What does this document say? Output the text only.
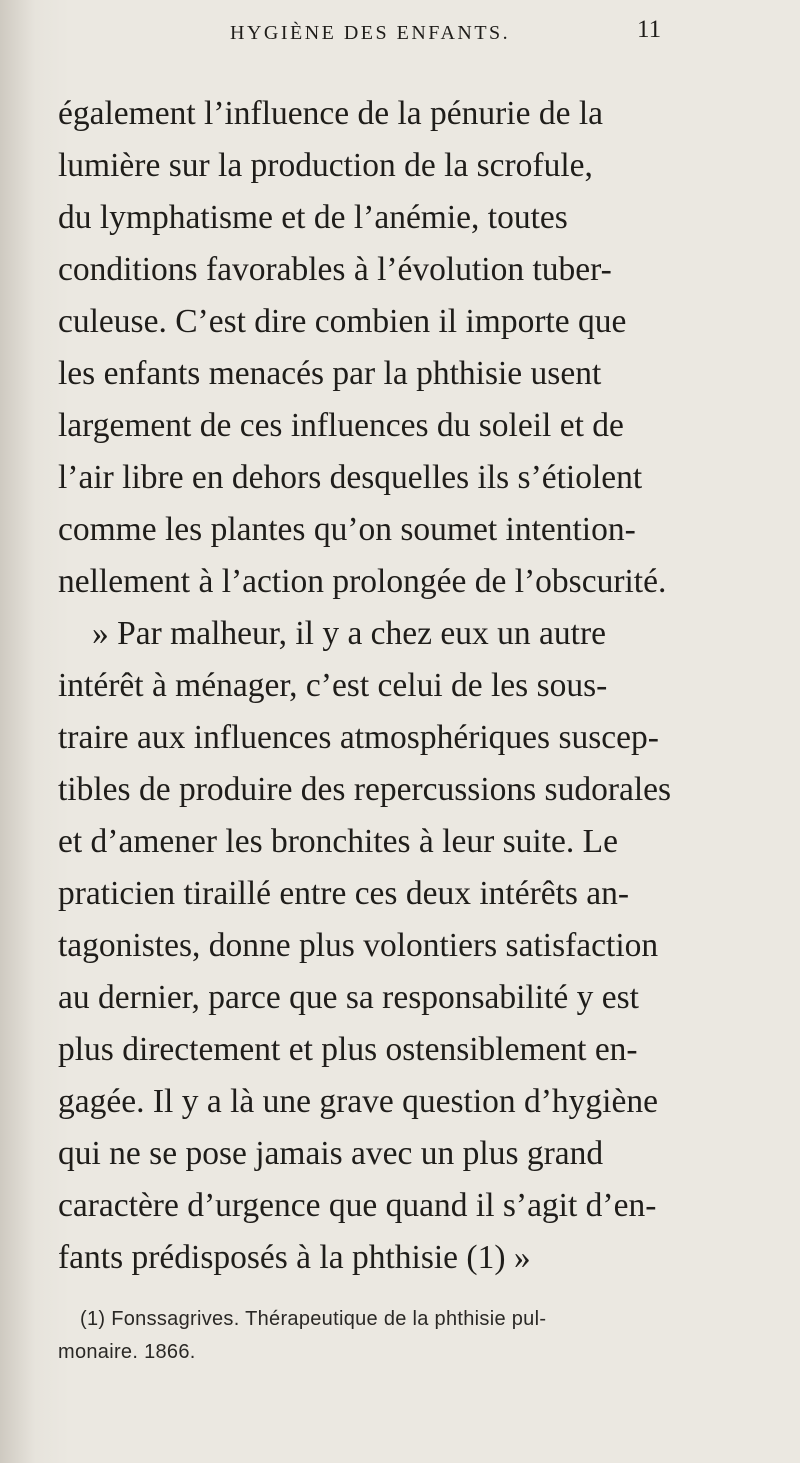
HYGIÈNE DES ENFANTS.	11
également l’influence de la pénurie de la
lumière sur la production de la scrofule,
du lymphatisme et de l’anémie, toutes
conditions favorables à l’évolution tuber-
culeuse. C’est dire combien il importe que
les enfants menacés par la phthisie usent
largement de ces influences du soleil et de
l’air libre en dehors desquelles ils s’étiolent
comme les plantes qu’on soumet intention-
nellement à l’action prolongée de l’obscurité.
» Par malheur, il y a chez eux un autre
intérêt à ménager, c’est celui de les sous-
traire aux influences atmosphériques suscep-
tibles de produire des repercussions sudorales
et d’amener les bronchites à leur suite. Le
praticien tiraillé entre ces deux intérêts an-
tagonistes, donne plus volontiers satisfaction
au dernier, parce que sa responsabilité y est
plus directement et plus ostensiblement en-
gagée. Il y a là une grave question d’hygiène
qui ne se pose jamais avec un plus grand
caractère d’urgence que quand il s’agit d’en-
fants prédisposés à la phthisie (1) »
(1) Fonssagrives. Thérapeutique de la phthisie pul-
monaire. 1866.
